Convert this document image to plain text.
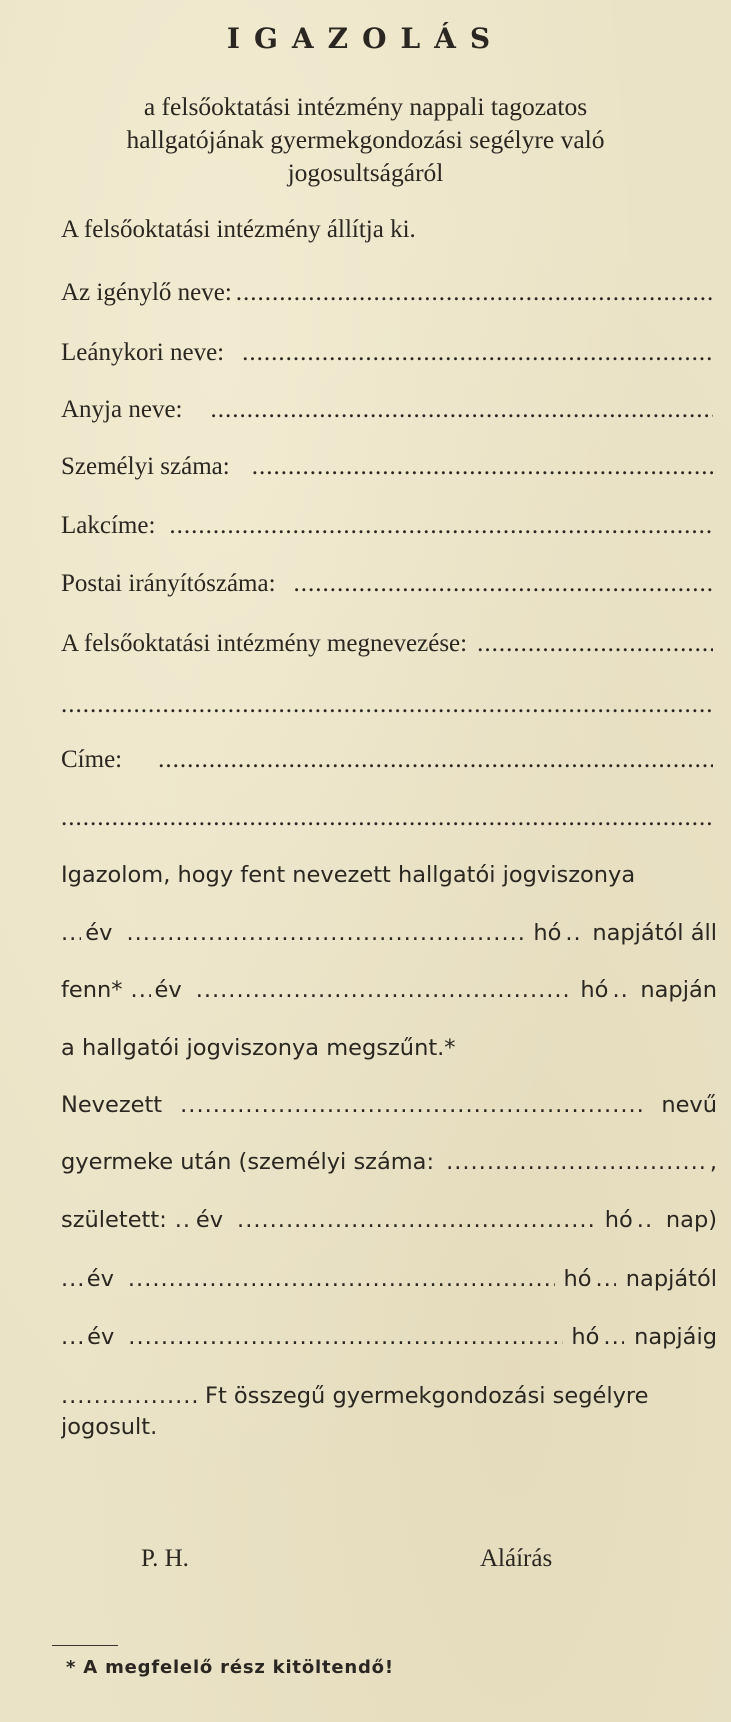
IGAZOLÁS
a felsőoktatási intézmény nappali tagozatos
hallgatójának gyermekgondozási segélyre való
jogosultságáról
A felsőoktatási intézmény állítja ki.
Az igénylő neve:
.....
Leánykori neve:
.....
Anyja neve:
.....
Személyi száma:
.....
Lakcíme:
.....
Postai irányítószáma:
.....
A felsőoktatási intézmény megnevezése:
.....
.....
Címe:
.....
.....
Igazolom, hogy fent nevezett hallgatói jogviszonya
.....
év .....	hó ..... napjától áll
fenn* ..... év .....	hó ..... napján
a hallgatói jogviszonya megszűnt.*
Nevezett .....	nevű
gyermeke után (személyi száma: .....	,
született: ..... év .....	hó ..... nap)
.....
év .....	hó ..... napjától
.....
év .....	hó ..... napjáig
.....
Ft összegű gyermekgondozási segélyre
jogosult.
P. H.	Aláírás
* A megfelelő rész kitöltendő!
